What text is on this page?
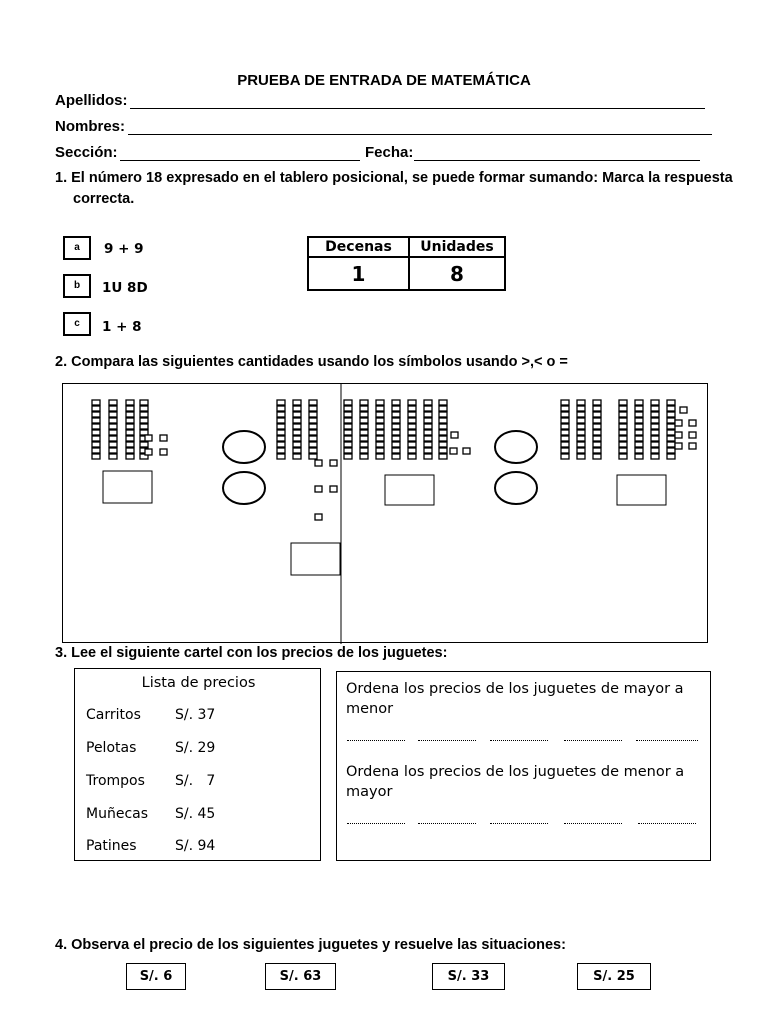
PRUEBA DE ENTRADA DE MATEMÁTICA
Apellidos:
Nombres:
Sección:	Fecha:
1. El número 18 expresado en el tablero posicional, se puede formar sumando: Marca la respuesta correcta.
a	9 + 9
b	1U 8D
c	1 + 8
Decenas	Unidades
1	8
2. Compara las siguientes cantidades usando los símbolos usando >,< o =
3. Lee el siguiente cartel con los precios de los juguetes:
Lista de precios
Carritos	S/. 37
Pelotas	S/. 29
Trompos	S/.   7
Muñecas	S/. 45
Patines	S/. 94
Ordena los precios de los juguetes de mayor a menor
Ordena los precios de los juguetes de menor a mayor
4. Observa el precio de los siguientes juguetes y resuelve las situaciones:
S/. 6	S/. 63	S/. 33	S/. 25
